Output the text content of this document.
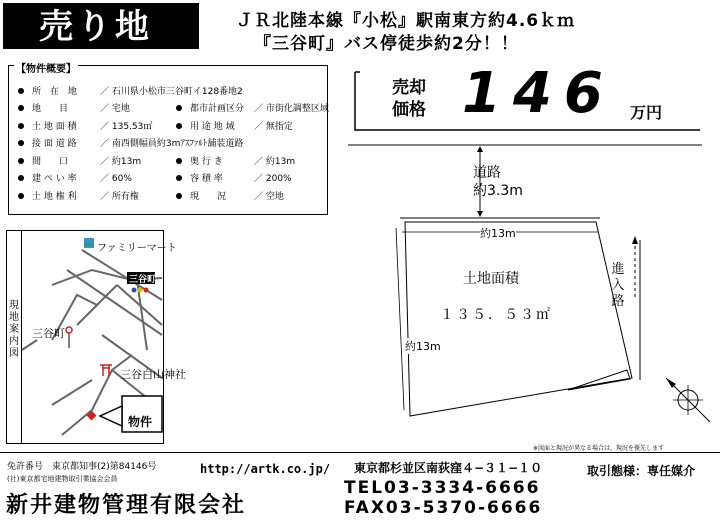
売り地	ＪＲ北陸本線『小松』駅南東方約4.6ｋｍ
『三谷町』バス停徒歩約2分！！
【物件概要】
所　在　地	／ 石川県小松市三谷町イ128番地2
地　　目	／ 宅地
土 地 面 積	／ 135.53㎡
接 面 道 路	／ 南西側幅員約3mｱｽﾌｧﾙﾄ舗装道路
間　　口	／ 約13m
建 ぺ い 率	／ 60%
土 地 権 利	／ 所有権
都市計画区分	／ 市街化調整区域
用 途 地 域	／ 無指定
奥 行 き	／ 約13m
容 積 率	／ 200%
現　　況	／ 空地
売却
価格 146 万円
道路
約3.3m
約13m
土地面積
１３５．５３㎡
約13m
進入路
※図面と現況が異なる場合は、現況を優先します
現地案内図
ファミリーマート
三谷町
三谷町
三谷白山神社
物件
免許番号　東京都知事(2)第84146号
(社)東京都宅地建物取引業協会会員
http://artk.co.jp/ 東京都杉並区南荻窪４−３１−１０	取引態様：専任媒介
新井建物管理有限会社
TEL03-3334-6666
FAX03-5370-6666
